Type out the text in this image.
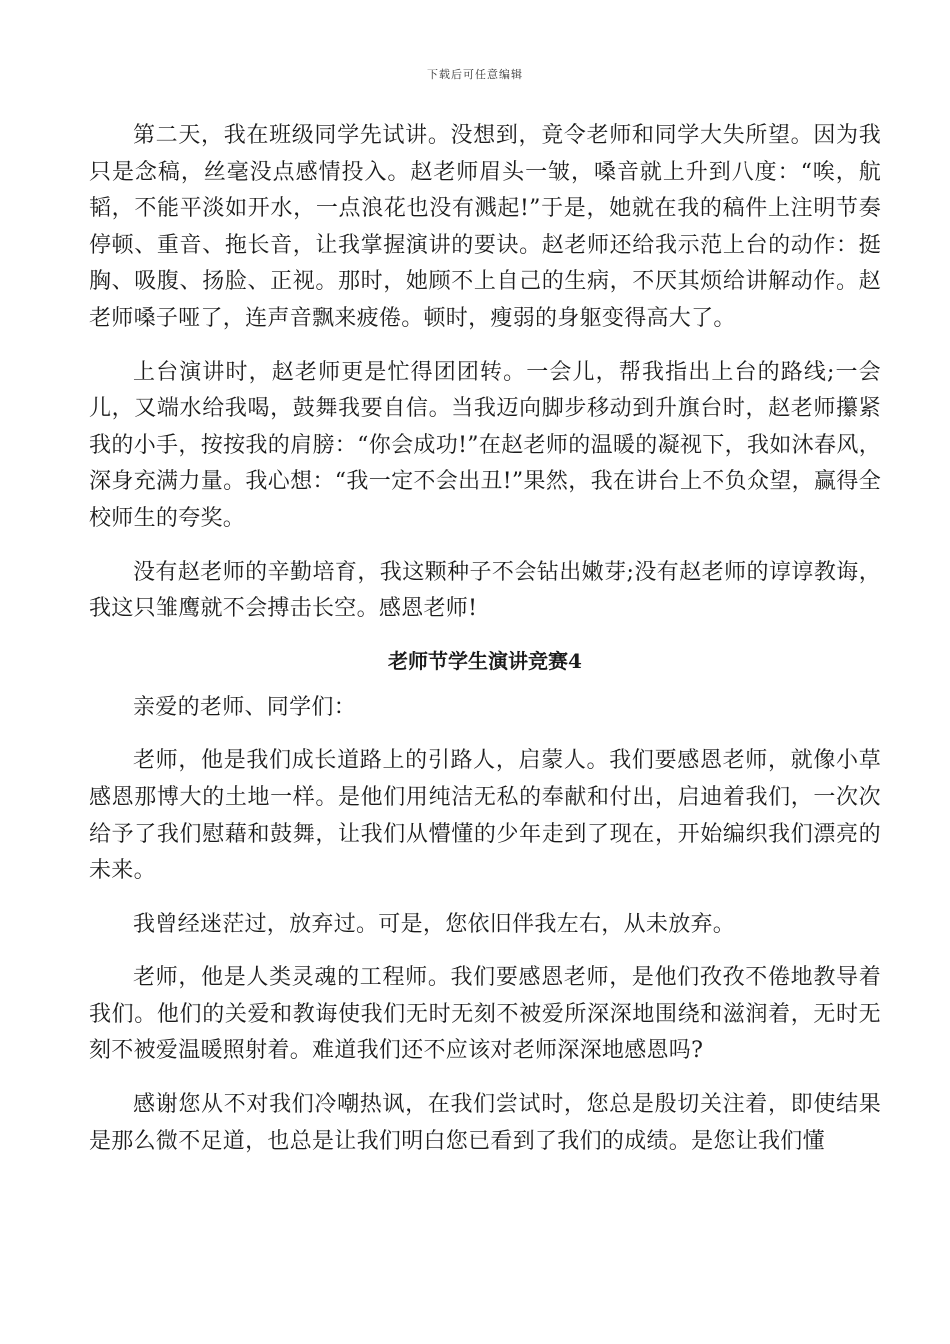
下载后可任意编辑

第二天，我在班级同学先试讲。没想到，竟令老师和同学大失所望。因为我只是念稿，丝毫没点感情投入。赵老师眉头一皱，嗓音就上升到八度：“唉，航韬，不能平淡如开水，一点浪花也没有溅起!”于是，她就在我的稿件上注明节奏停顿、重音、拖长音，让我掌握演讲的要诀。赵老师还给我示范上台的动作：挺胸、吸腹、扬脸、正视。那时，她顾不上自己的生病，不厌其烦给讲解动作。赵老师嗓子哑了，连声音飘来疲倦。顿时，瘦弱的身躯变得高大了。

上台演讲时，赵老师更是忙得团团转。一会儿，帮我指出上台的路线;一会儿，又端水给我喝，鼓舞我要自信。当我迈向脚步移动到升旗台时，赵老师攥紧我的小手，按按我的肩膀：“你会成功!”在赵老师的温暖的凝视下，我如沐春风，深身充满力量。我心想：“我一定不会出丑!”果然，我在讲台上不负众望，赢得全校师生的夸奖。

没有赵老师的辛勤培育，我这颗种子不会钻出嫩芽;没有赵老师的谆谆教诲，我这只雏鹰就不会搏击长空。感恩老师!

老师节学生演讲竞赛4

亲爱的老师、同学们：

老师，他是我们成长道路上的引路人，启蒙人。我们要感恩老师，就像小草感恩那博大的土地一样。是他们用纯洁无私的奉献和付出，启迪着我们，一次次给予了我们慰藉和鼓舞，让我们从懵懂的少年走到了现在，开始编织我们漂亮的未来。

我曾经迷茫过，放弃过。可是，您依旧伴我左右，从未放弃。

老师，他是人类灵魂的工程师。我们要感恩老师，是他们孜孜不倦地教导着我们。他们的关爱和教诲使我们无时无刻不被爱所深深地围绕和滋润着，无时无刻不被爱温暖照射着。难道我们还不应该对老师深深地感恩吗?

感谢您从不对我们冷嘲热讽，在我们尝试时，您总是殷切关注着，即使结果是那么微不足道，也总是让我们明白您已看到了我们的成绩。是您让我们懂
